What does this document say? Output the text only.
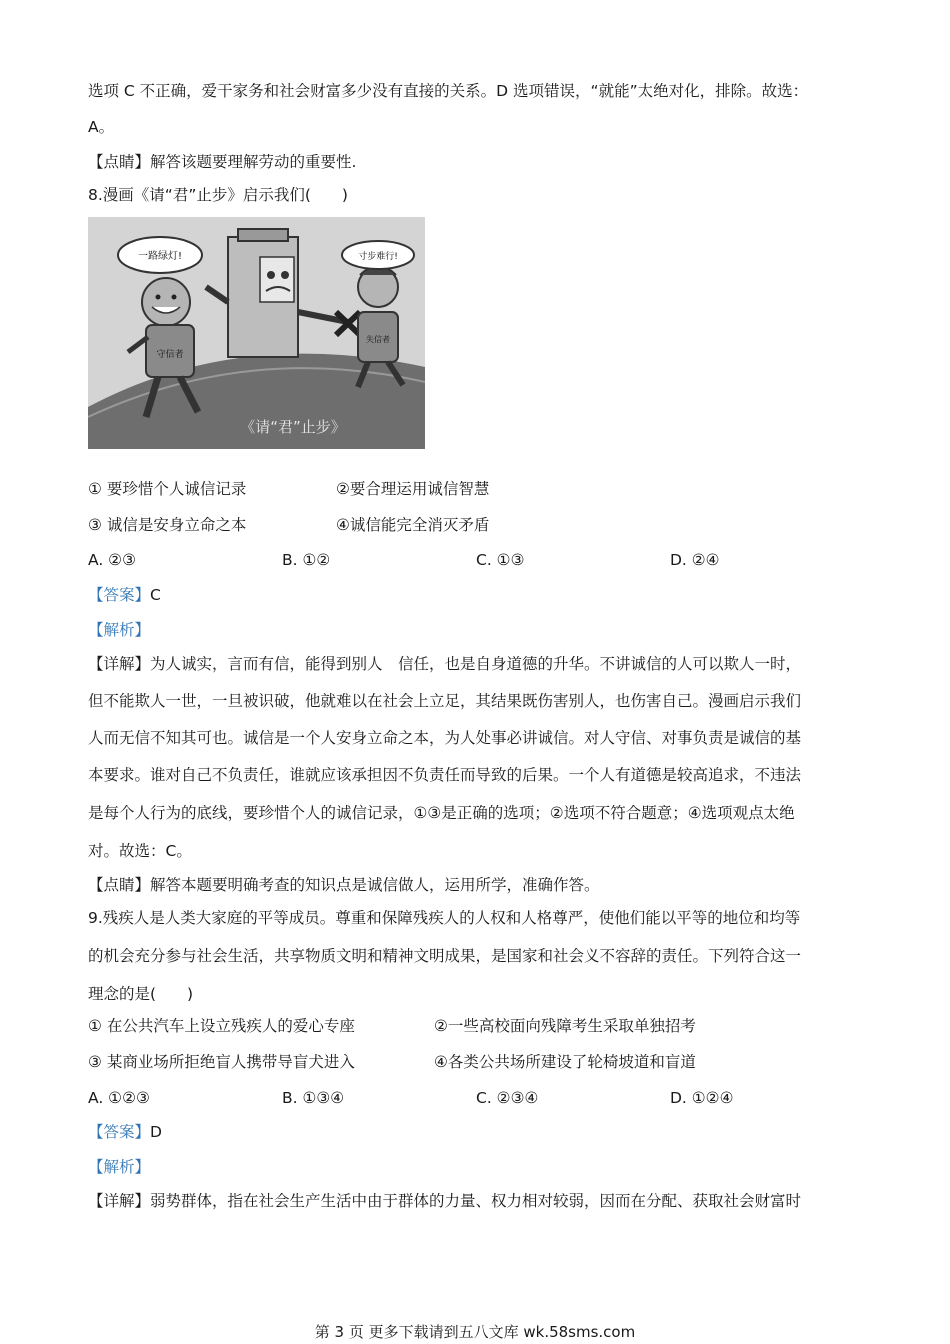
选项 C 不正确，爱干家务和社会财富多少没有直接的关系。D 选项错误，“就能”太绝对化，排除。故选：
A。
【点睛】解答该题要理解劳动的重要性.
8.漫画《请“君”止步》启示我们(　　)
守信者
一路绿灯!
失信者
寸步难行!
《请“君”止步》
① 要珍惜个人诚信记录	②要合理运用诚信智慧
③ 诚信是安身立命之本	④诚信能完全消灭矛盾
A. ②③	B. ①②	C. ①③	D. ②④
【答案】C
【解析】
【详解】为人诚实，言而有信，能得到别人　信任，也是自身道德的升华。不讲诚信的人可以欺人一时，
但不能欺人一世，一旦被识破，他就难以在社会上立足，其结果既伤害别人，也伤害自己。漫画启示我们
人而无信不知其可也。诚信是一个人安身立命之本，为人处事必讲诚信。对人守信、对事负责是诚信的基
本要求。谁对自己不负责任，谁就应该承担因不负责任而导致的后果。一个人有道德是较高追求，不违法
是每个人行为的底线，要珍惜个人的诚信记录，①③是正确的选项；②选项不符合题意；④选项观点太绝
对。故选：C。
【点睛】解答本题要明确考查的知识点是诚信做人，运用所学，准确作答。
9.残疾人是人类大家庭的平等成员。尊重和保障残疾人的人权和人格尊严，使他们能以平等的地位和均等
的机会充分参与社会生活，共享物质文明和精神文明成果，是国家和社会义不容辞的责任。下列符合这一
理念的是(　　)
① 在公共汽车上设立残疾人的爱心专座	②一些高校面向残障考生采取单独招考
③ 某商业场所拒绝盲人携带导盲犬进入	④各类公共场所建设了轮椅坡道和盲道
A. ①②③	B. ①③④	C. ②③④	D. ①②④
【答案】D
【解析】
【详解】弱势群体，指在社会生产生活中由于群体的力量、权力相对较弱，因而在分配、获取社会财富时
第 3 页 更多下载请到五八文库 wk.58sms.com
